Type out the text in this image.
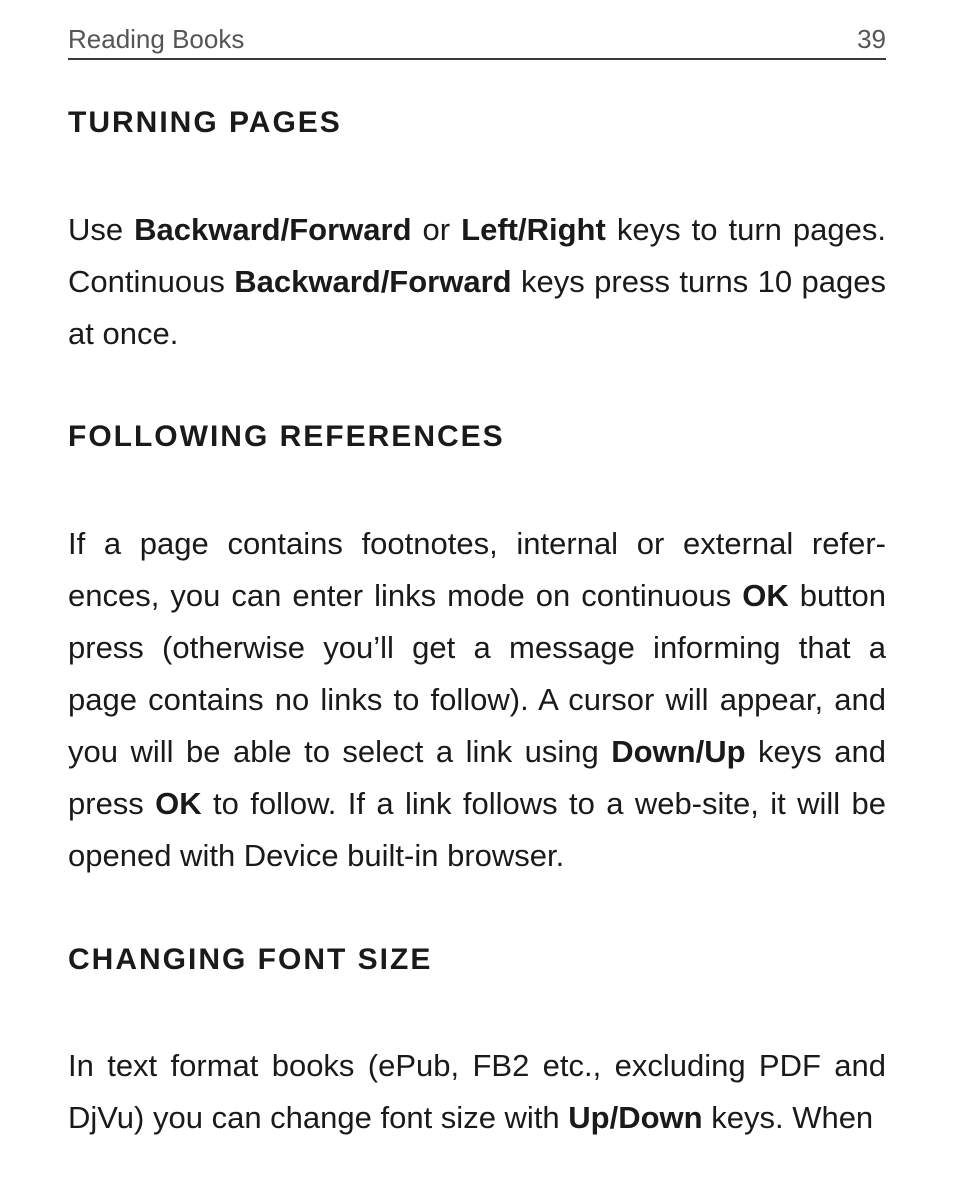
Reading Books	39
TURNING PAGES

Use Backward/Forward or Left/Right keys to turn pages. Continuous Backward/Forward keys press turns 10 pages at once.

FOLLOWING REFERENCES

If a page contains footnotes, internal or external refer-ences, you can enter links mode on continuous OK button press (otherwise you’ll get a message informing that a page contains no links to follow). A cursor will appear, and you will be able to select a link using Down/Up keys and press OK to follow. If a link follows to a web-site, it will be opened with Device built-in browser.

CHANGING FONT SIZE

In text format books (ePub, FB2 etc., excluding PDF and DjVu) you can change font size with Up/Down keys. When
